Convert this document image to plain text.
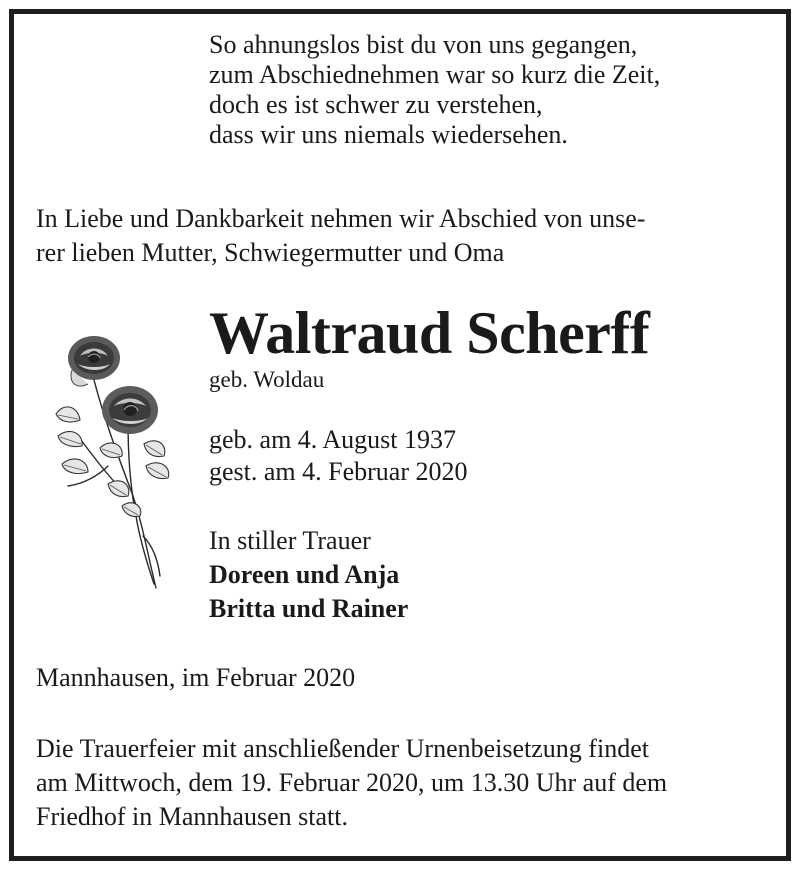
So ahnungslos bist du von uns gegangen,
zum Abschiednehmen war so kurz die Zeit,
doch es ist schwer zu verstehen,
dass wir uns niemals wiedersehen.
In Liebe und Dankbarkeit nehmen wir Abschied von unse-
rer lieben Mutter, Schwiegermutter und Oma
Waltraud Scherff
geb. Woldau
geb. am 4. August 1937
gest. am 4. Februar 2020
In stiller Trauer
Doreen und Anja
Britta und Rainer
Mannhausen, im Februar 2020
Die Trauerfeier mit anschließender Urnenbeisetzung findet
am Mittwoch, dem 19. Februar 2020, um 13.30 Uhr auf dem
Friedhof in Mannhausen statt.
